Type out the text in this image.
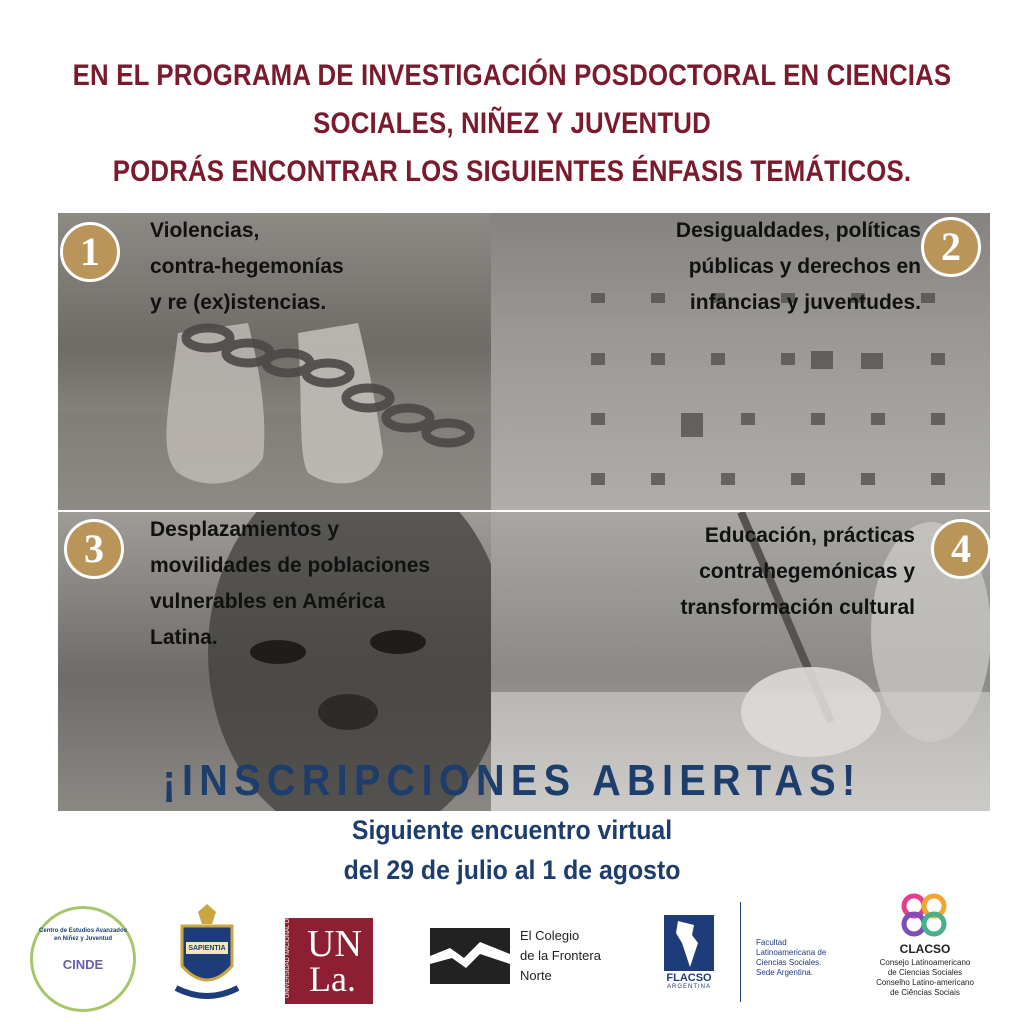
EN EL PROGRAMA DE INVESTIGACIÓN POSDOCTORAL EN CIENCIAS
SOCIALES, NIÑEZ Y JUVENTUD
PODRÁS ENCONTRAR LOS SIGUIENTES ÉNFASIS TEMÁTICOS.
1	2
3	4
Violencias,
contra-hegemonías
y re (ex)istencias.
Desigualdades, políticas
públicas y derechos en
infancias y juventudes.
Desplazamientos y
movilidades de poblaciones
vulnerables en América
Latina.
Educación, prácticas
contrahegemónicas y
transformación cultural
¡INSCRIPCIONES ABIERTAS!
Siguiente encuentro virtual
del 29 de julio al 1 de agosto
Centro de Estudios Avanzados
en Niñez y Juventud
CINDE
SAPIENTIA	UNIVERSIDAD NACIONAL DE LANÚS UN
La.
El Colegio
de la Frontera
Norte	FLACSO
ARGENTINA
Facultad
Latinoamericana de
Ciencias Sociales.
Sede Argentina.
CLACSO
Consejo Latinoamericano
de Ciencias Sociales
Conselho Latino-americano
de Ciências Sociais
